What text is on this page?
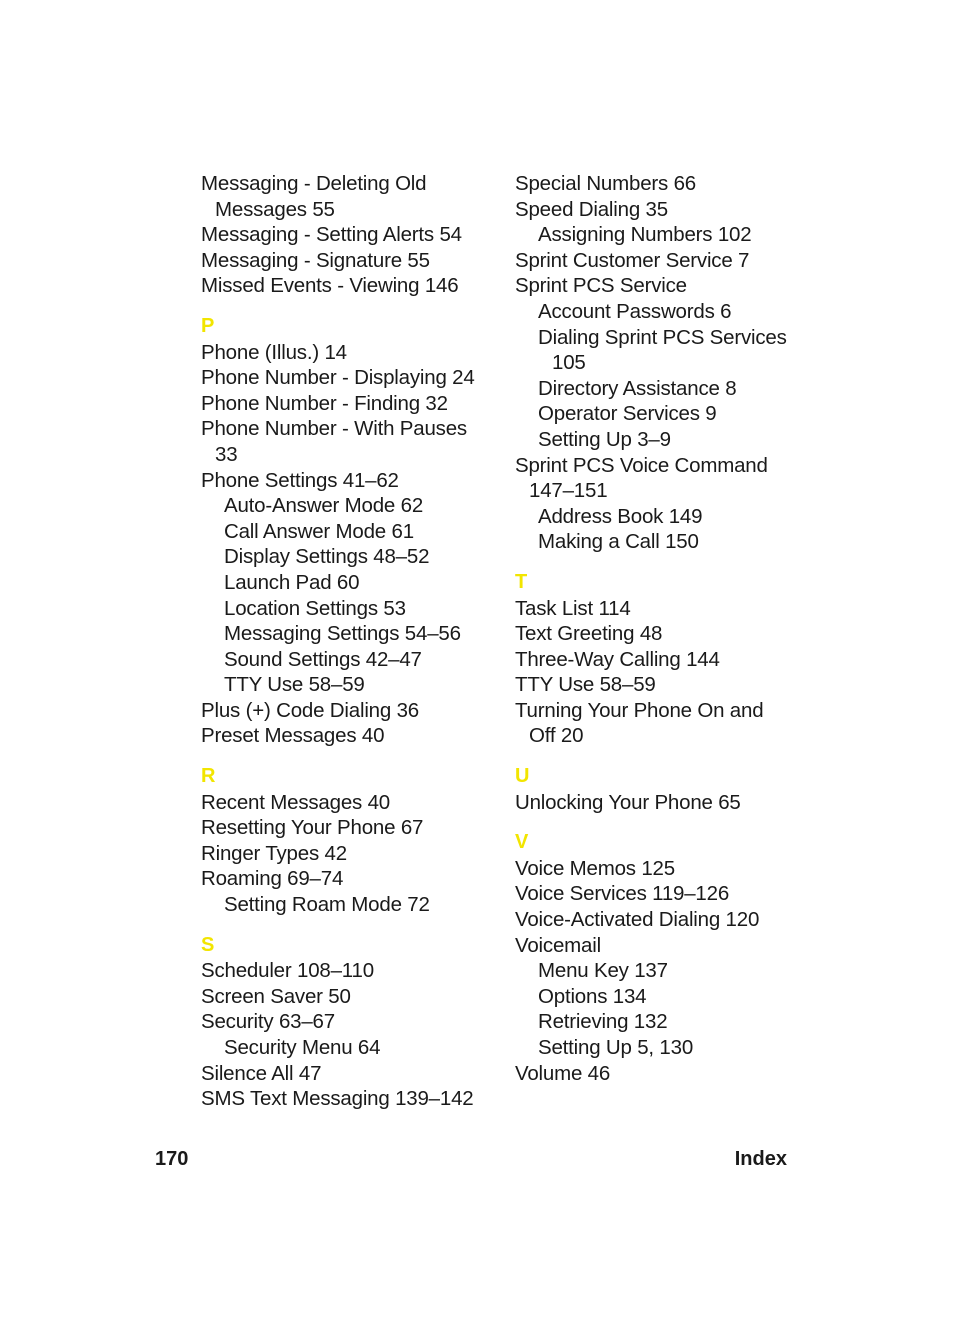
Messaging - Deleting Old
Messages 55
Messaging - Setting Alerts 54
Messaging - Signature 55
Missed Events - Viewing 146
P
Phone (Illus.) 14
Phone Number - Displaying 24
Phone Number - Finding 32
Phone Number - With Pauses
33
Phone Settings 41–62
Auto-Answer Mode 62
Call Answer Mode 61
Display Settings 48–52
Launch Pad 60
Location Settings 53
Messaging Settings 54–56
Sound Settings 42–47
TTY Use 58–59
Plus (+) Code Dialing 36
Preset Messages 40
R
Recent Messages 40
Resetting Your Phone 67
Ringer Types 42
Roaming 69–74
Setting Roam Mode 72
S
Scheduler 108–110
Screen Saver 50
Security 63–67
Security Menu 64
Silence All 47
SMS Text Messaging 139–142
Special Numbers 66
Speed Dialing 35
Assigning Numbers 102
Sprint Customer Service 7
Sprint PCS Service
Account Passwords 6
Dialing Sprint PCS Services
105
Directory Assistance 8
Operator Services 9
Setting Up 3–9
Sprint PCS Voice Command
147–151
Address Book 149
Making a Call 150
T
Task List 114
Text Greeting 48
Three-Way Calling 144
TTY Use 58–59
Turning Your Phone On and
Off 20
U
Unlocking Your Phone 65
V
Voice Memos 125
Voice Services 119–126
Voice-Activated Dialing 120
Voicemail
Menu Key 137
Options 134
Retrieving 132
Setting Up 5, 130
Volume 46
170	Index
